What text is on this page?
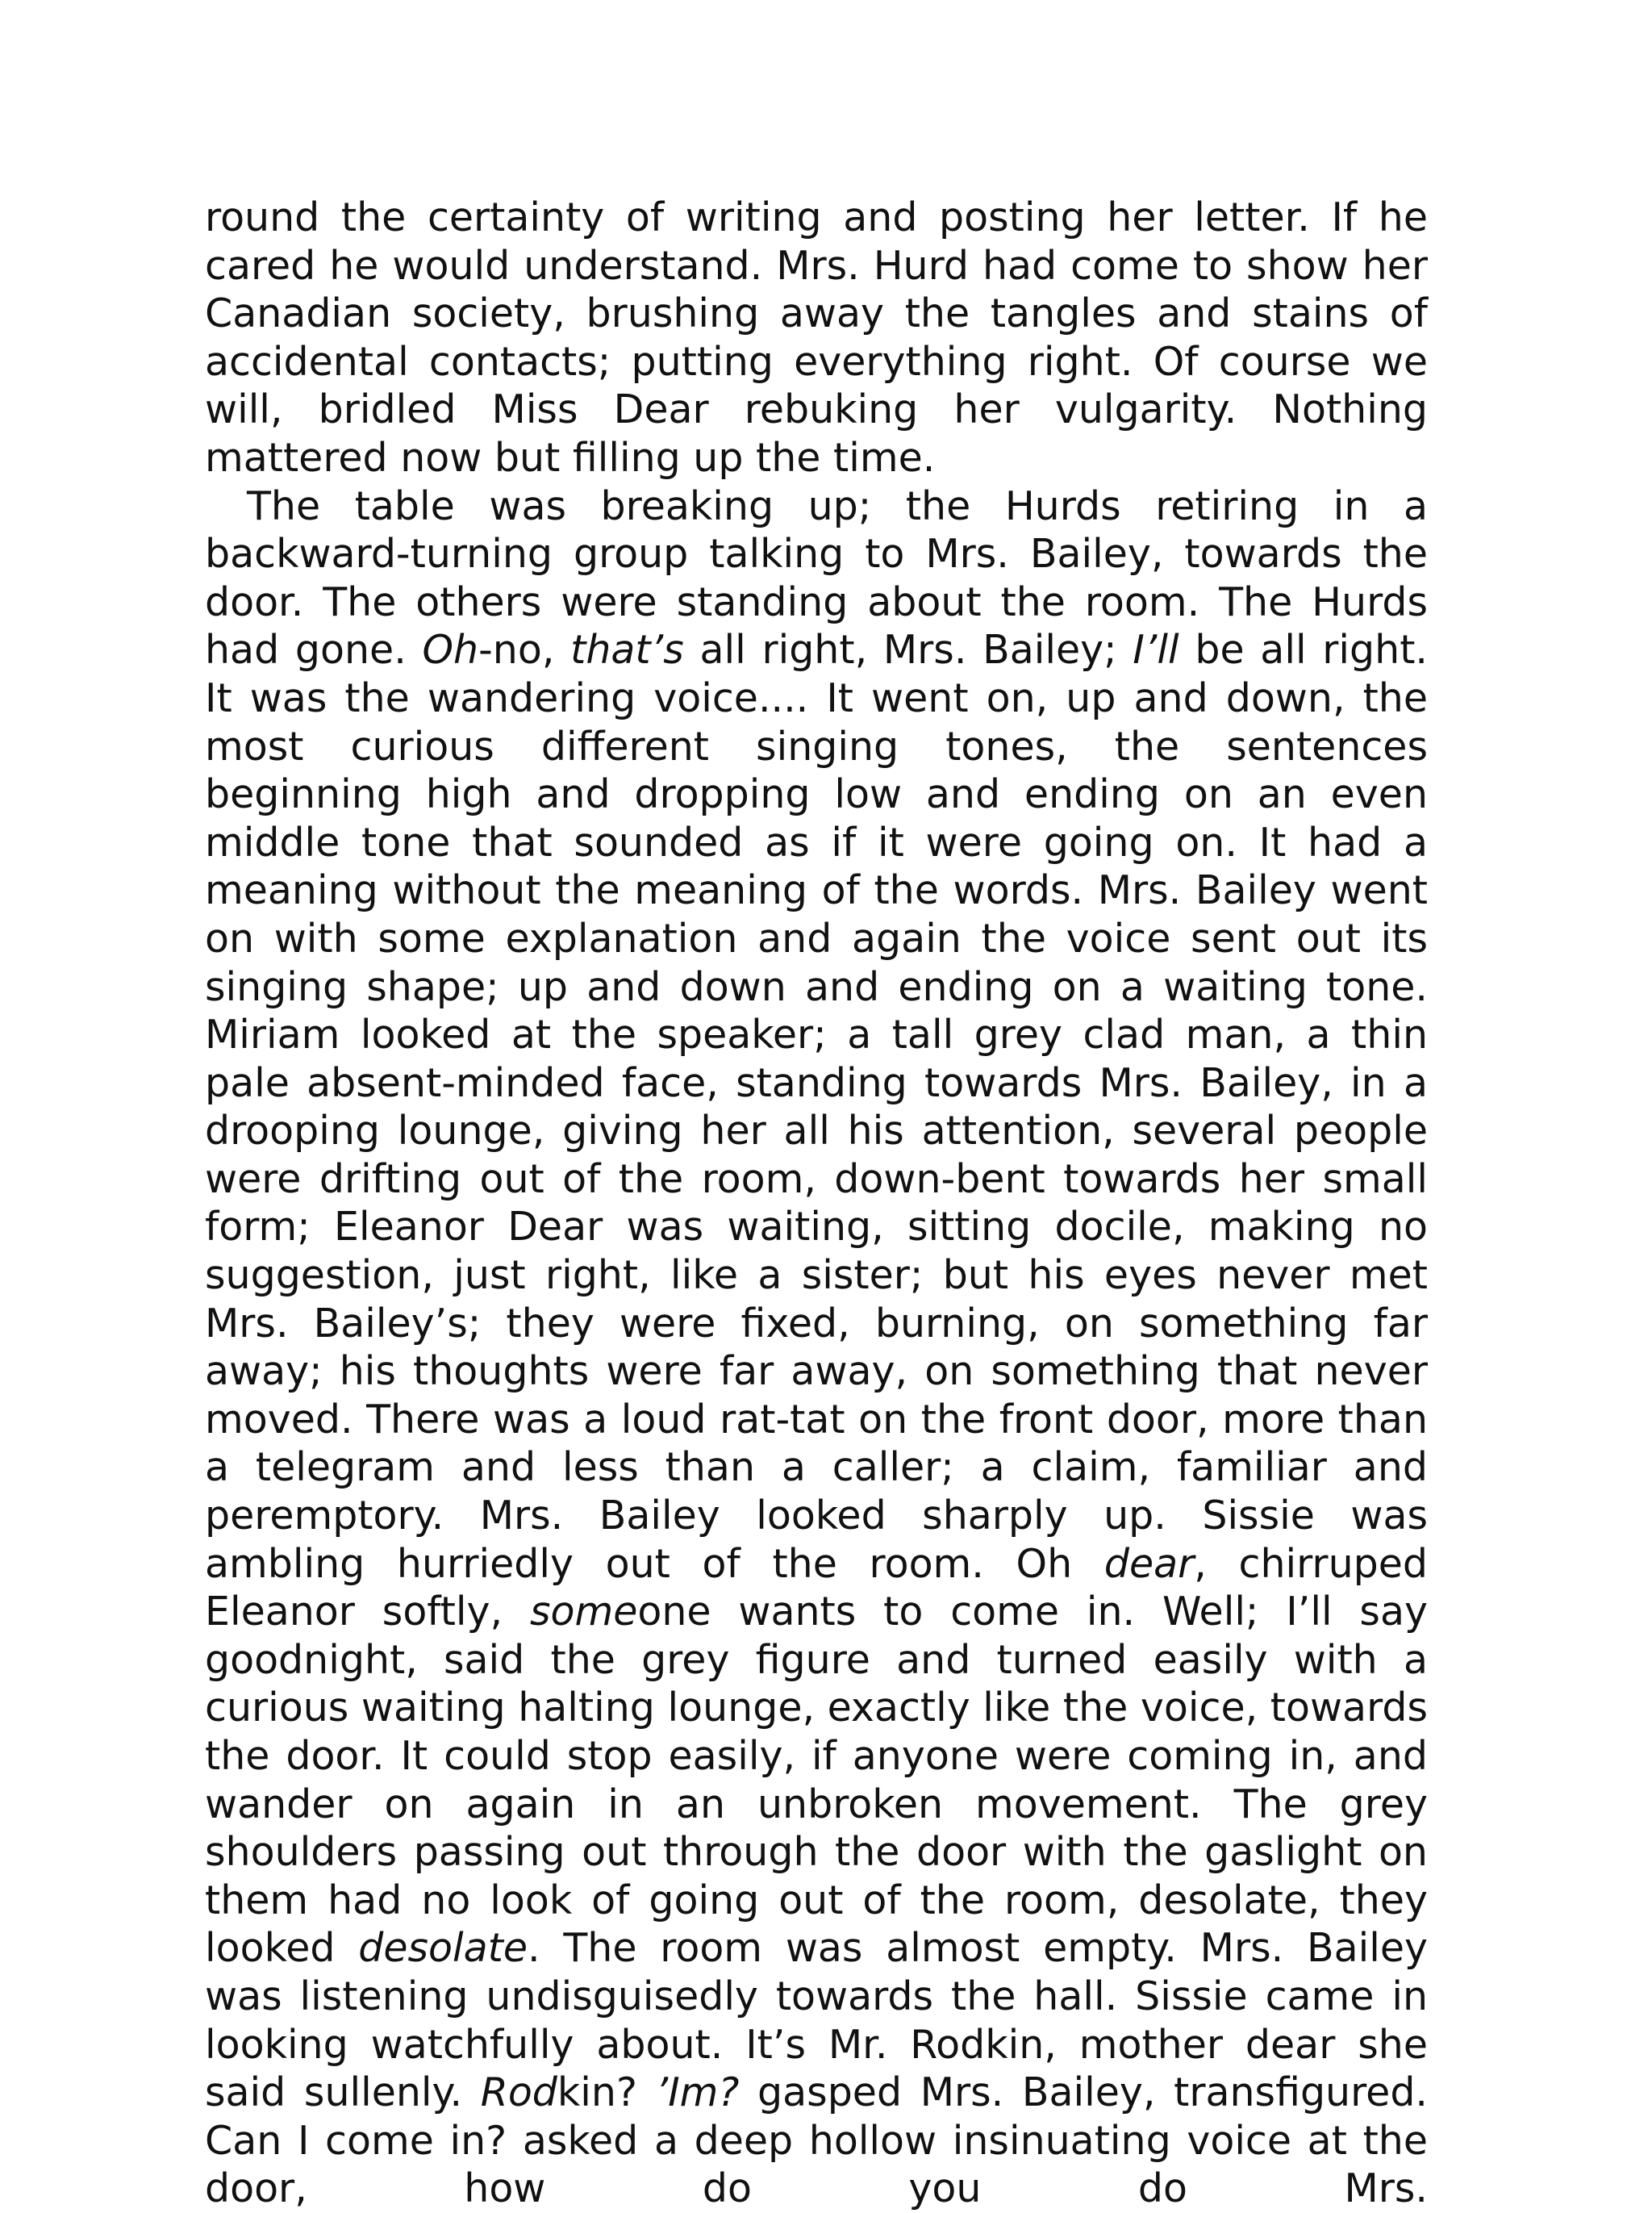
round the certainty of writing and posting her letter. If he cared he would understand. Mrs. Hurd had come to show her Canadian society, brushing away the tangles and stains of accidental contacts; putting everything right. Of course we will, bridled Miss Dear rebuking her vulgarity. Nothing mattered now but filling up the time.

The table was breaking up; the Hurds retiring in a backward-turning group talking to Mrs. Bailey, towards the door. The others were standing about the room. The Hurds had gone. Oh-no, that’s all right, Mrs. Bailey; I’ll be all right. It was the wandering voice.... It went on, up and down, the most curious different singing tones, the sentences beginning high and dropping low and ending on an even middle tone that sounded as if it were going on. It had a meaning without the meaning of the words. Mrs. Bailey went on with some explanation and again the voice sent out its singing shape; up and down and ending on a waiting tone. Miriam looked at the speaker; a tall grey clad man, a thin pale absent-minded face, standing towards Mrs. Bailey, in a drooping lounge, giving her all his attention, several people were drifting out of the room, down-bent towards her small form; Eleanor Dear was waiting, sitting docile, making no suggestion, just right, like a sister; but his eyes never met Mrs. Bailey’s; they were fixed, burning, on something far away; his thoughts were far away, on something that never moved. There was a loud rat-tat on the front door, more than a telegram and less than a caller; a claim, familiar and peremptory. Mrs. Bailey looked sharply up. Sissie was ambling hurriedly out of the room. Oh dear, chirruped Eleanor softly, someone wants to come in. Well; I’ll say goodnight, said the grey figure and turned easily with a curious waiting halting lounge, exactly like the voice, towards the door. It could stop easily, if anyone were coming in, and wander on again in an unbroken movement. The grey shoulders passing out through the door with the gaslight on them had no look of going out of the room, desolate, they looked desolate. The room was almost empty. Mrs. Bailey was listening undisguisedly towards the hall. Sissie came in looking watchfully about. It’s Mr. Rodkin, mother dear she said sullenly. Rodkin? ’Im? gasped Mrs. Bailey, transfigured. Can I come in? asked a deep hollow insinuating voice at the door, how do you do Mrs.
